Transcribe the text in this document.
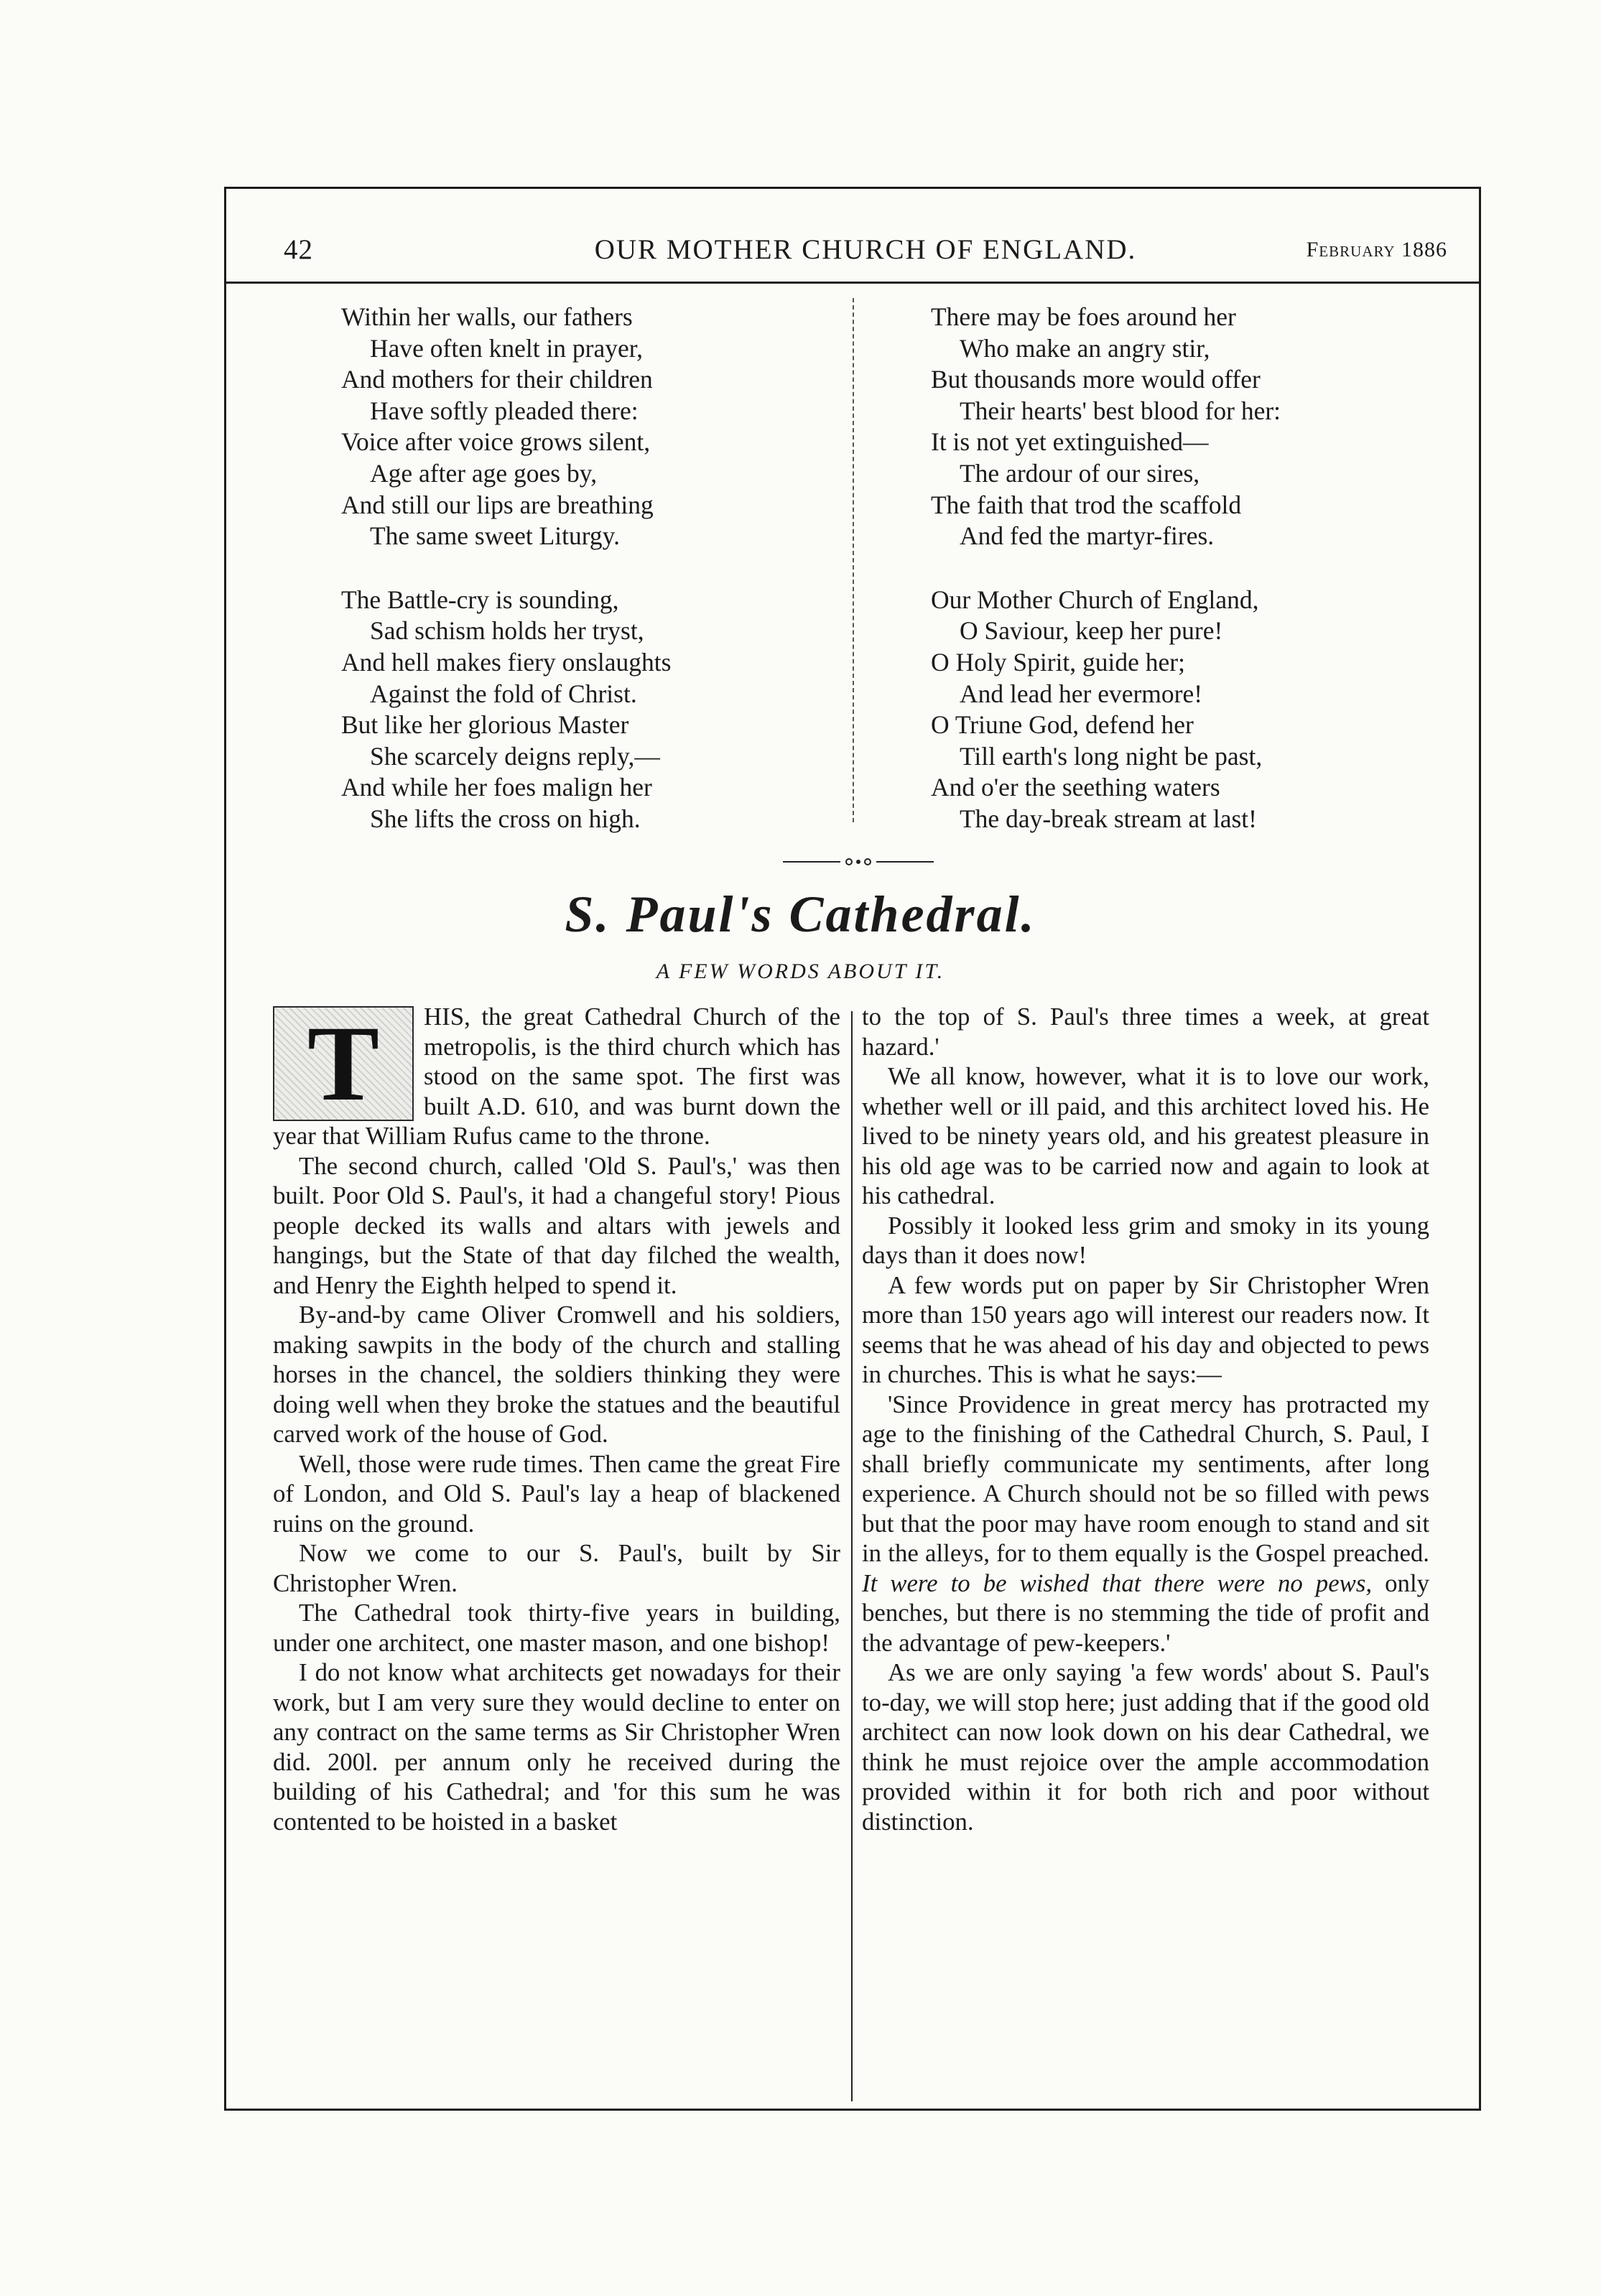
42	OUR MOTHER CHURCH OF ENGLAND.	February 1886
Within her walls, our fathers
Have often knelt in prayer,
And mothers for their children
Have softly pleaded there:
Voice after voice grows silent,
Age after age goes by,
And still our lips are breathing
The same sweet Liturgy.
The Battle-cry is sounding,
Sad schism holds her tryst,
And hell makes fiery onslaughts
Against the fold of Christ.
But like her glorious Master
She scarcely deigns reply,—
And while her foes malign her
She lifts the cross on high.
There may be foes around her
Who make an angry stir,
But thousands more would offer
Their hearts' best blood for her:
It is not yet extinguished—
The ardour of our sires,
The faith that trod the scaffold
And fed the martyr-fires.
Our Mother Church of England,
O Saviour, keep her pure!
O Holy Spirit, guide her;
And lead her evermore!
O Triune God, defend her
Till earth's long night be past,
And o'er the seething waters
The day-break stream at last!
S. Paul's Cathedral.
A FEW WORDS ABOUT IT.
T	HIS, the great Cathedral Church of the metropolis, is the third church which has stood on the same spot. The first was built A.D. 610, and was burnt down the year that William Rufus came to the throne.
The second church, called 'Old S. Paul's,' was then built. Poor Old S. Paul's, it had a changeful story! Pious people decked its walls and altars with jewels and hangings, but the State of that day filched the wealth, and Henry the Eighth helped to spend it.
By-and-by came Oliver Cromwell and his soldiers, making sawpits in the body of the church and stalling horses in the chancel, the soldiers thinking they were doing well when they broke the statues and the beautiful carved work of the house of God.
Well, those were rude times. Then came the great Fire of London, and Old S. Paul's lay a heap of blackened ruins on the ground.
Now we come to our S. Paul's, built by Sir Christopher Wren.
The Cathedral took thirty-five years in building, under one architect, one master mason, and one bishop!
I do not know what architects get nowadays for their work, but I am very sure they would decline to enter on any contract on the same terms as Sir Christopher Wren did. 200l. per annum only he received during the building of his Cathedral; and 'for this sum he was contented to be hoisted in a basket
to the top of S. Paul's three times a week, at great hazard.'
We all know, however, what it is to love our work, whether well or ill paid, and this architect loved his. He lived to be ninety years old, and his greatest pleasure in his old age was to be carried now and again to look at his cathedral.
Possibly it looked less grim and smoky in its young days than it does now!
A few words put on paper by Sir Christopher Wren more than 150 years ago will interest our readers now. It seems that he was ahead of his day and objected to pews in churches. This is what he says:—
'Since Providence in great mercy has protracted my age to the finishing of the Cathedral Church, S. Paul, I shall briefly communicate my sentiments, after long experience. A Church should not be so filled with pews but that the poor may have room enough to stand and sit in the alleys, for to them equally is the Gospel preached. It were to be wished that there were no pews, only benches, but there is no stemming the tide of profit and the advantage of pew-keepers.'
As we are only saying 'a few words' about S. Paul's to-day, we will stop here; just adding that if the good old architect can now look down on his dear Cathedral, we think he must rejoice over the ample accommodation provided within it for both rich and poor without distinction.
